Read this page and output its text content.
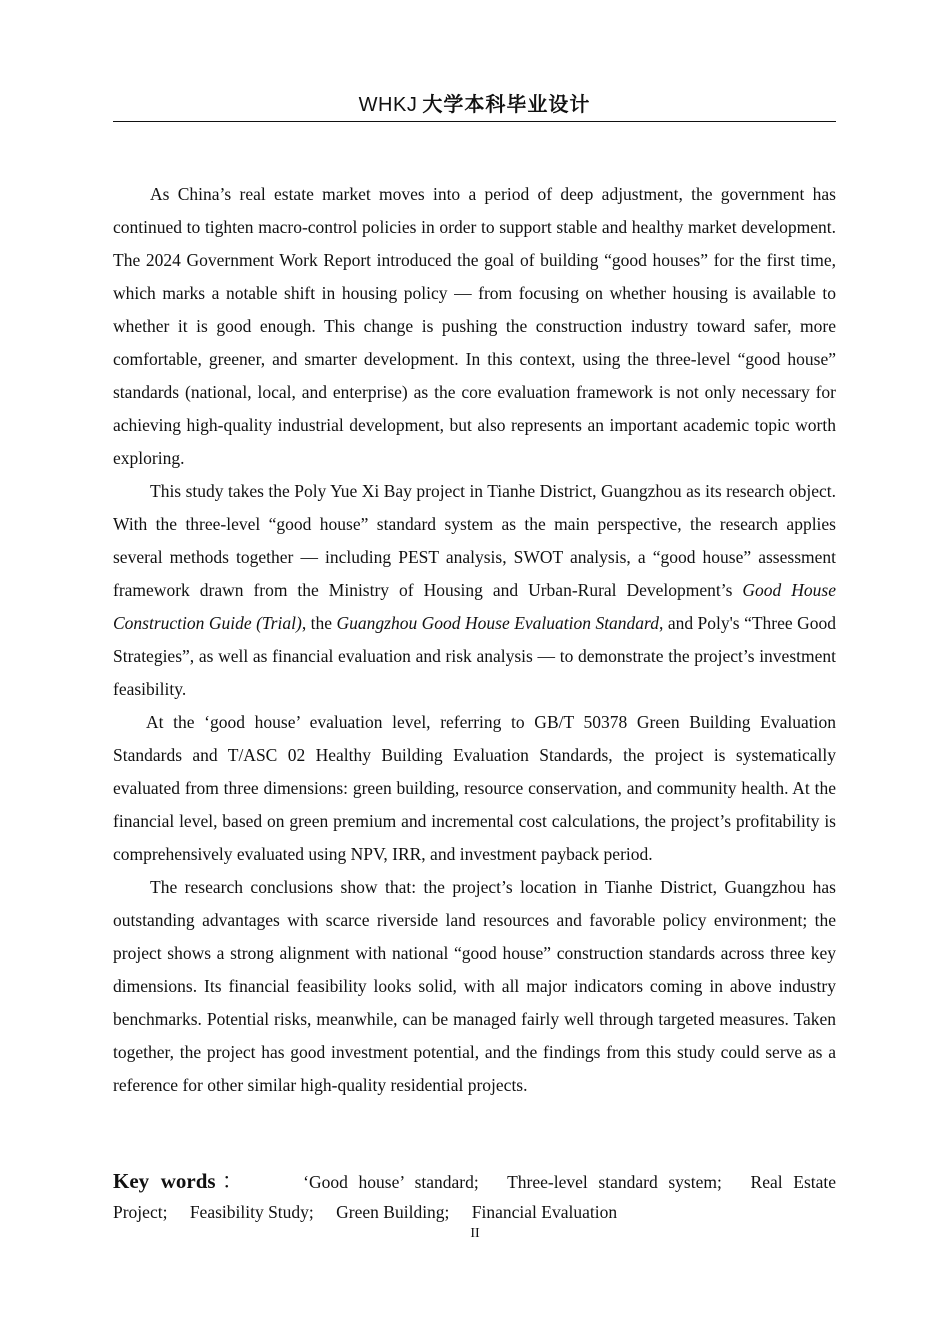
WHKJ 大学本科毕业设计

As China’s real estate market moves into a period of deep adjustment, the government has continued to tighten macro-control policies in order to support stable and healthy market development. The 2024 Government Work Report introduced the goal of building “good houses” for the first time, which marks a notable shift in housing policy — from focusing on whether housing is available to whether it is good enough. This change is pushing the construction industry toward safer, more comfortable, greener, and smarter development. In this context, using the three-level “good house” standards (national, local, and enterprise) as the core evaluation framework is not only necessary for achieving high-quality industrial development, but also represents an important academic topic worth exploring.

This study takes the Poly Yue Xi Bay project in Tianhe District, Guangzhou as its research object. With the three-level “good house” standard system as the main perspective, the research applies several methods together — including PEST analysis, SWOT analysis, a “good house” assessment framework drawn from the Ministry of Housing and Urban-Rural Development’s Good House Construction Guide (Trial), the Guangzhou Good House Evaluation Standard, and Poly's “Three Good Strategies”, as well as financial evaluation and risk analysis — to demonstrate the project’s investment feasibility.

At the ‘good house’ evaluation level, referring to GB/T 50378 Green Building Evaluation Standards and T/ASC 02 Healthy Building Evaluation Standards, the project is systematically evaluated from three dimensions: green building, resource conservation, and community health. At the financial level, based on green premium and incremental cost calculations, the project’s profitability is comprehensively evaluated using NPV, IRR, and investment payback period.

The research conclusions show that: the project’s location in Tianhe District, Guangzhou has outstanding advantages with scarce riverside land resources and favorable policy environment; the project shows a strong alignment with national “good house” construction standards across three key dimensions. Its financial feasibility looks solid, with all major indicators coming in above industry benchmarks. Potential risks, meanwhile, can be managed fairly well through targeted measures. Taken together, the project has good investment potential, and the findings from this study could serve as a reference for other similar high-quality residential projects.

Key words：	‘Good house’ standard; Three-level standard system; Real Estate Project; Feasibility Study; Green Building; Financial Evaluation
II
